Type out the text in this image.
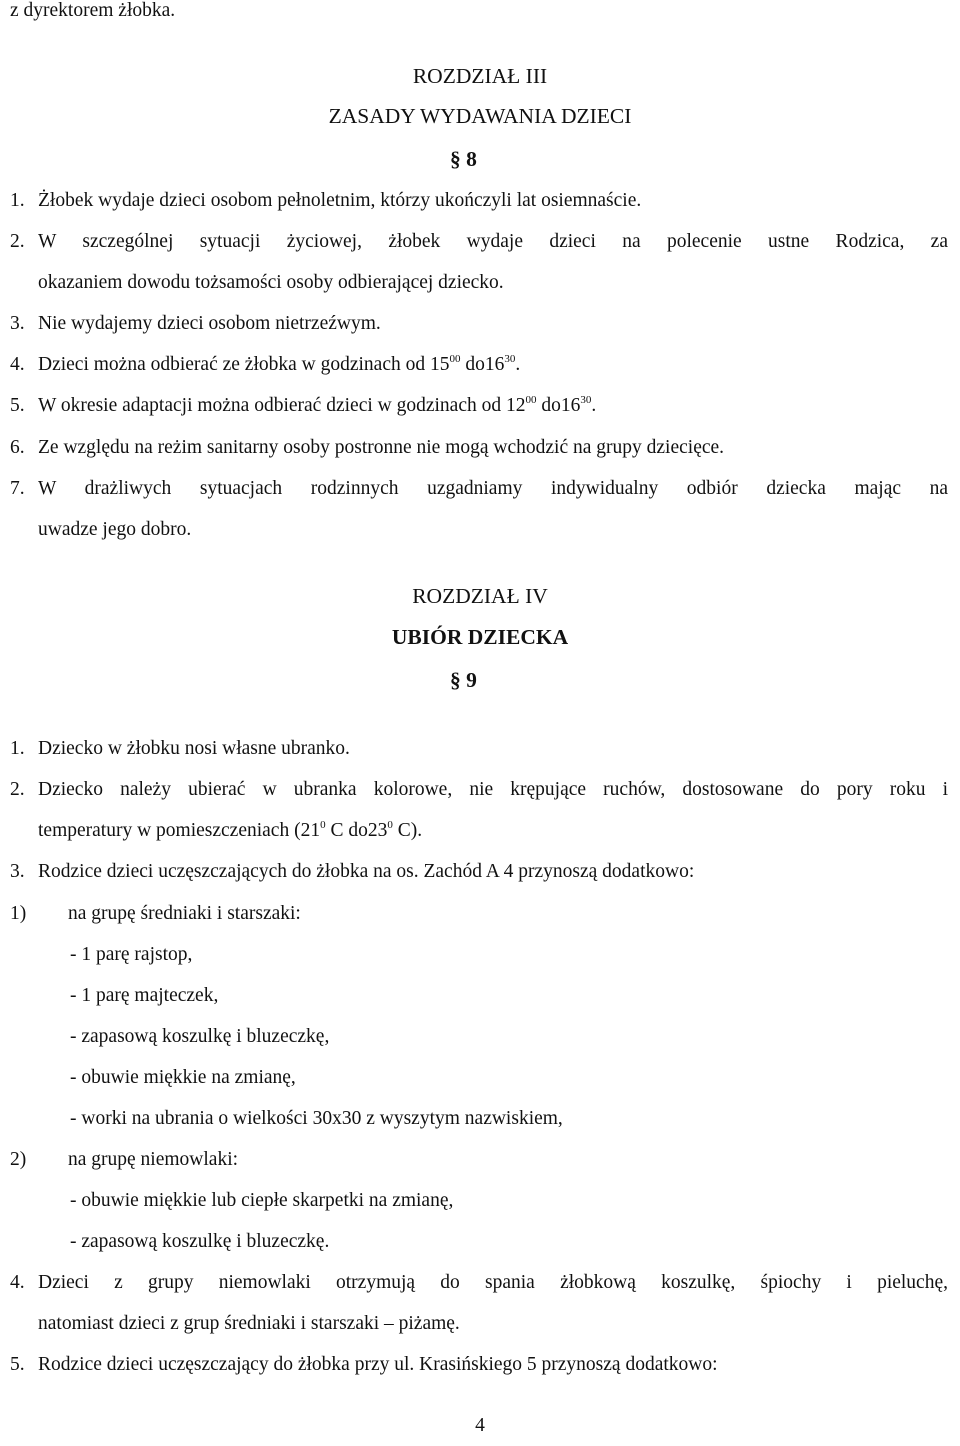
z dyrektorem żłobka.
ROZDZIAŁ III
ZASADY WYDAWANIA DZIECI
§ 8
1. Żłobek wydaje dzieci osobom pełnoletnim, którzy ukończyli lat osiemnaście.
2. W szczególnej sytuacji życiowej, żłobek wydaje dzieci na polecenie ustne Rodzica, za
okazaniem dowodu tożsamości osoby odbierającej dziecko.
3. Nie wydajemy dzieci osobom nietrzeźwym.
4. Dzieci można odbierać ze żłobka w godzinach od $15^{00}$ $do16^{30}$.
5. W okresie adaptacji można odbierać dzieci w godzinach od $12^{00}$ $do16^{30}$.
6. Ze względu na reżim sanitarny osoby postronne nie mogą wchodzić na grupy dziecięce.
7. W drażliwych sytuacjach rodzinnych uzgadniamy indywidualny odbiór dziecka mając na
uwadze jego dobro.
ROZDZIAŁ IV
UBIÓR DZIECKA
§ 9
1. Dziecko w żłobku nosi własne ubranko.
2. Dziecko należy ubierać w ubranka kolorowe, nie krępujące ruchów, dostosowane do pory roku i
temperatury w pomieszczeniach ($21^0$ C $do23^0$ C).
3. Rodzice dzieci uczęszczających do żłobka na os. Zachód A 4 przynoszą dodatkowo:
1) na grupę średniaki i starszaki:
- 1 parę rajstop,
- 1 parę majteczek,
- zapasową koszulkę i bluzeczkę,
- obuwie miękkie na zmianę,
- worki na ubrania o wielkości 30x30 z wyszytym nazwiskiem,
2) na grupę niemowlaki:
- obuwie miękkie lub ciepłe skarpetki na zmianę,
- zapasową koszulkę i bluzeczkę.
4. Dzieci z grupy niemowlaki otrzymują do spania żłobkową koszulkę, śpiochy i pieluchę,
natomiast dzieci z grup średniaki i starszaki – piżamę.
5. Rodzice dzieci uczęszczający do żłobka przy ul. Krasińskiego 5 przynoszą dodatkowo:
4
